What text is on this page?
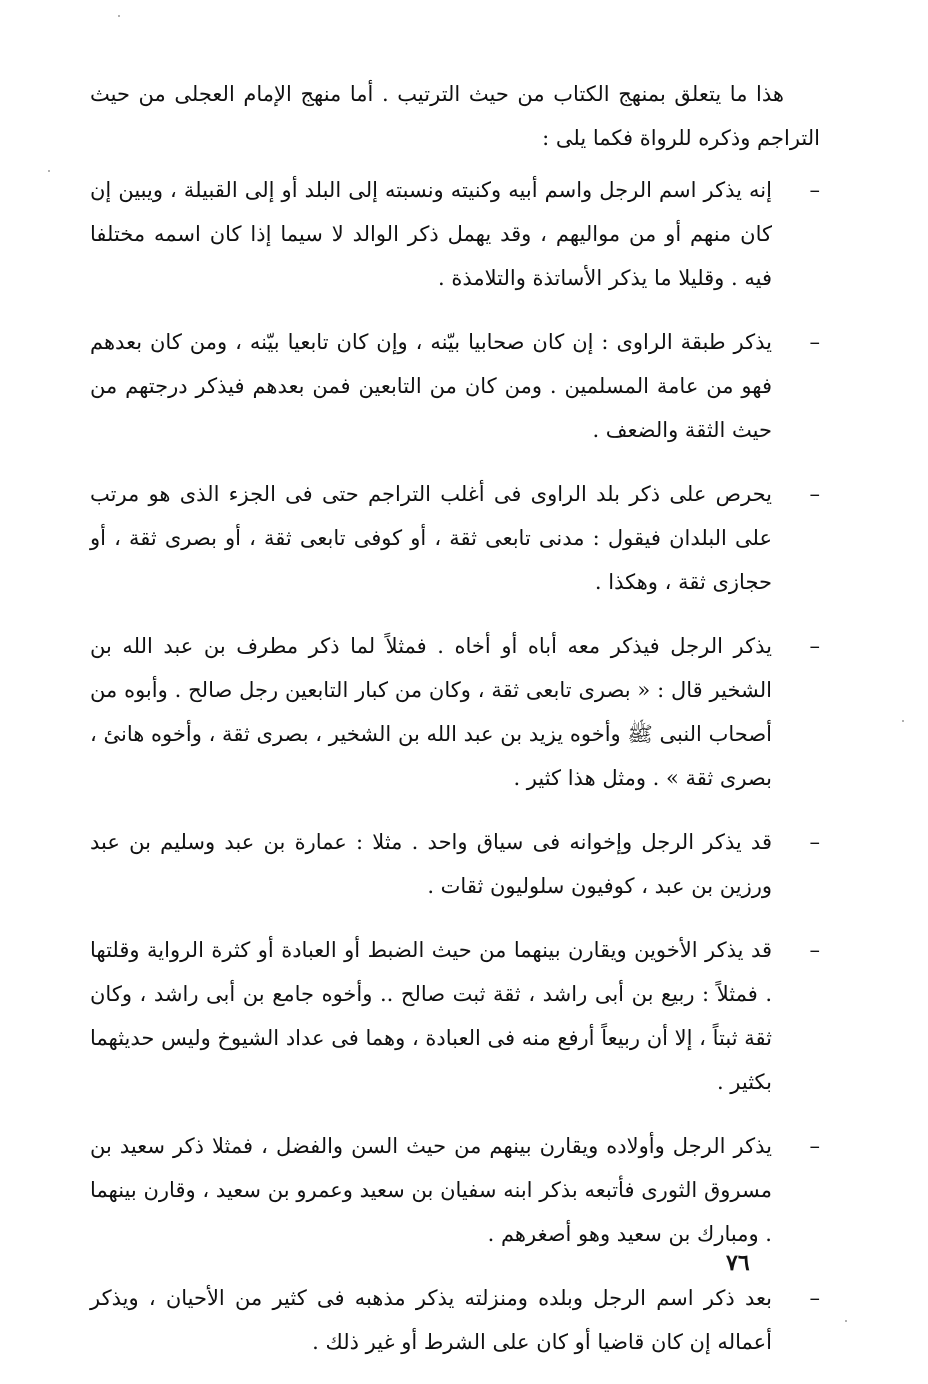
هذا ما يتعلق بمنهج الكتاب من حيث الترتيب . أما منهج الإمام العجلى من حيث التراجم وذكره للرواة فكما يلى :

–
إنه يذكر اسم الرجل واسم أبيه وكنيته ونسبته إلى البلد أو إلى القبيلة ، ويبين إن كان منهم أو من مواليهم ، وقد يهمل ذكر الوالد لا سيما إذا كان اسمه مختلفا فيه . وقليلا ما يذكر الأساتذة والتلامذة .
–
يذكر طبقة الراوى : إن كان صحابيا بيّنه ، وإن كان تابعيا بيّنه ، ومن كان بعدهم فهو من عامة المسلمين . ومن كان من التابعين فمن بعدهم فيذكر درجتهم من حيث الثقة والضعف .
–
يحرص على ذكر بلد الراوى فى أغلب التراجم حتى فى الجزء الذى هو مرتب على البلدان فيقول : مدنى تابعى ثقة ، أو كوفى تابعى ثقة ، أو بصرى ثقة ، أو حجازى ثقة ، وهكذا .
–
يذكر الرجل فيذكر معه أباه أو أخاه . فمثلاً لما ذكر مطرف بن عبد الله بن الشخير قال : « بصرى تابعى ثقة ، وكان من كبار التابعين رجل صالح . وأبوه من أصحاب النبى ﷺ وأخوه يزيد بن عبد الله بن الشخير ، بصرى ثقة ، وأخوه هانئ ، بصرى ثقة » . ومثل هذا كثير .
–
قد يذكر الرجل وإخوانه فى سياق واحد . مثلا : عمارة بن عبد وسليم بن عبد ورزين بن عبد ، كوفيون سلوليون ثقات .
–
قد يذكر الأخوين ويقارن بينهما من حيث الضبط أو العبادة أو كثرة الرواية وقلتها . فمثلاً : ربيع بن أبى راشد ، ثقة ثبت صالح .. وأخوه جامع بن أبى راشد ، وكان ثقة ثبتاً ، إلا أن ربيعاً أرفع منه فى العبادة ، وهما فى عداد الشيوخ وليس حديثهما بكثير .
–
يذكر الرجل وأولاده ويقارن بينهم من حيث السن والفضل ، فمثلا ذكر سعيد بن مسروق الثورى فأتبعه بذكر ابنه سفيان بن سعيد وعمرو بن سعيد ، وقارن بينهما . ومبارك بن سعيد وهو أصغرهم .
–
بعد ذكر اسم الرجل وبلده ومنزلته يذكر مذهبه فى كثير من الأحيان ، ويذكر أعماله إن كان قاضيا أو كان على الشرط أو غير ذلك .
٧٦
